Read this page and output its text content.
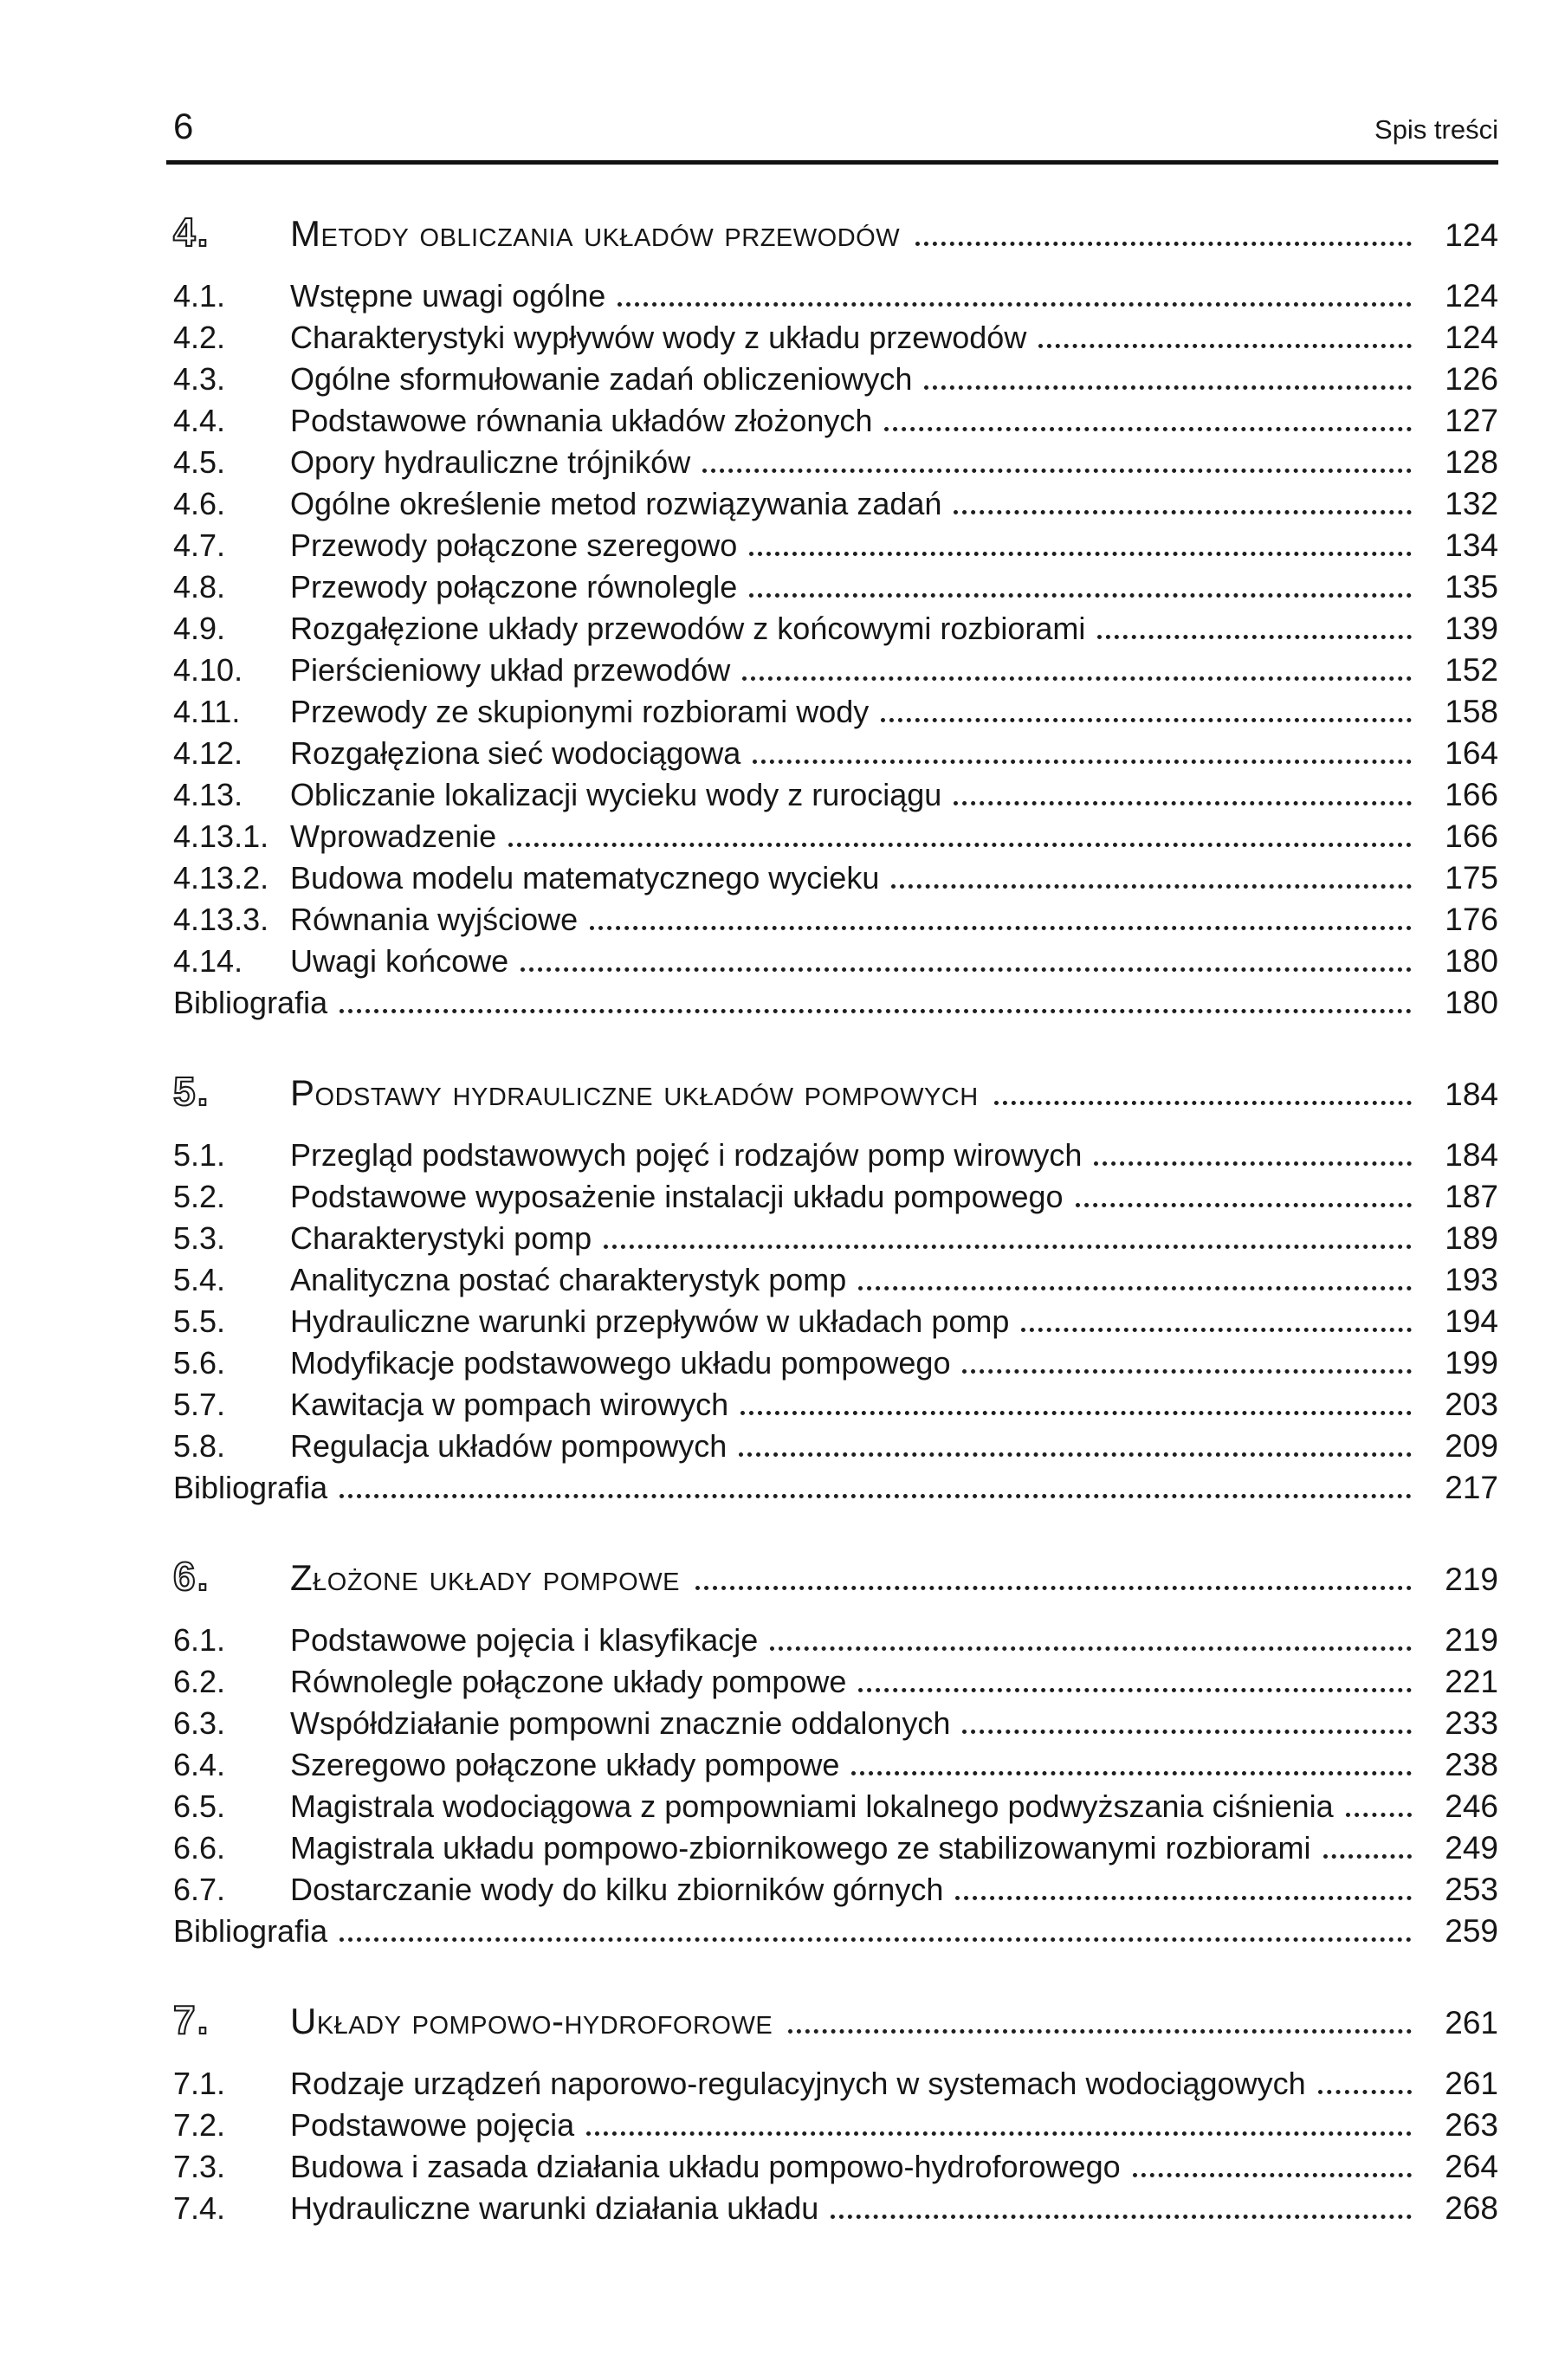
6	Spis treści
4.	Metody obliczania układów przewodów	124
4.1.	Wstępne uwagi ogólne	124
4.2.	Charakterystyki wypływów wody z układu przewodów	124
4.3.	Ogólne sformułowanie zadań obliczeniowych	126
4.4.	Podstawowe równania układów złożonych	127
4.5.	Opory hydrauliczne trójników	128
4.6.	Ogólne określenie metod rozwiązywania zadań	132
4.7.	Przewody połączone szeregowo	134
4.8.	Przewody połączone równolegle	135
4.9.	Rozgałęzione układy przewodów z końcowymi rozbiorami	139
4.10.	Pierścieniowy układ przewodów	152
4.11.	Przewody ze skupionymi rozbiorami wody	158
4.12.	Rozgałęziona sieć wodociągowa	164
4.13.	Obliczanie lokalizacji wycieku wody z rurociągu	166
4.13.1. Wprowadzenie	166
4.13.2. Budowa modelu matematycznego wycieku	175
4.13.3. Równania wyjściowe	176
4.14.	Uwagi końcowe	180
Bibliografia	180
5.	Podstawy hydrauliczne układów pompowych	184
5.1.	Przegląd podstawowych pojęć i rodzajów pomp wirowych	184
5.2.	Podstawowe wyposażenie instalacji układu pompowego	187
5.3.	Charakterystyki pomp	189
5.4.	Analityczna postać charakterystyk pomp	193
5.5.	Hydrauliczne warunki przepływów w układach pomp	194
5.6.	Modyfikacje podstawowego układu pompowego	199
5.7.	Kawitacja w pompach wirowych	203
5.8.	Regulacja układów pompowych	209
Bibliografia	217
6.	Złożone układy pompowe	219
6.1.	Podstawowe pojęcia i klasyfikacje	219
6.2.	Równolegle połączone układy pompowe	221
6.3.	Współdziałanie pompowni znacznie oddalonych	233
6.4.	Szeregowo połączone układy pompowe	238
6.5.	Magistrala wodociągowa z pompowniami lokalnego podwyższania ciśnienia	246
6.6.	Magistrala układu pompowo-zbiornikowego ze stabilizowanymi rozbiorami	249
6.7.	Dostarczanie wody do kilku zbiorników górnych	253
Bibliografia	259
7.	Układy pompowo-hydroforowe	261
7.1.	Rodzaje urządzeń naporowo-regulacyjnych w systemach wodociągowych	261
7.2.	Podstawowe pojęcia	263
7.3.	Budowa i zasada działania układu pompowo-hydroforowego	264
7.4.	Hydrauliczne warunki działania układu	268
